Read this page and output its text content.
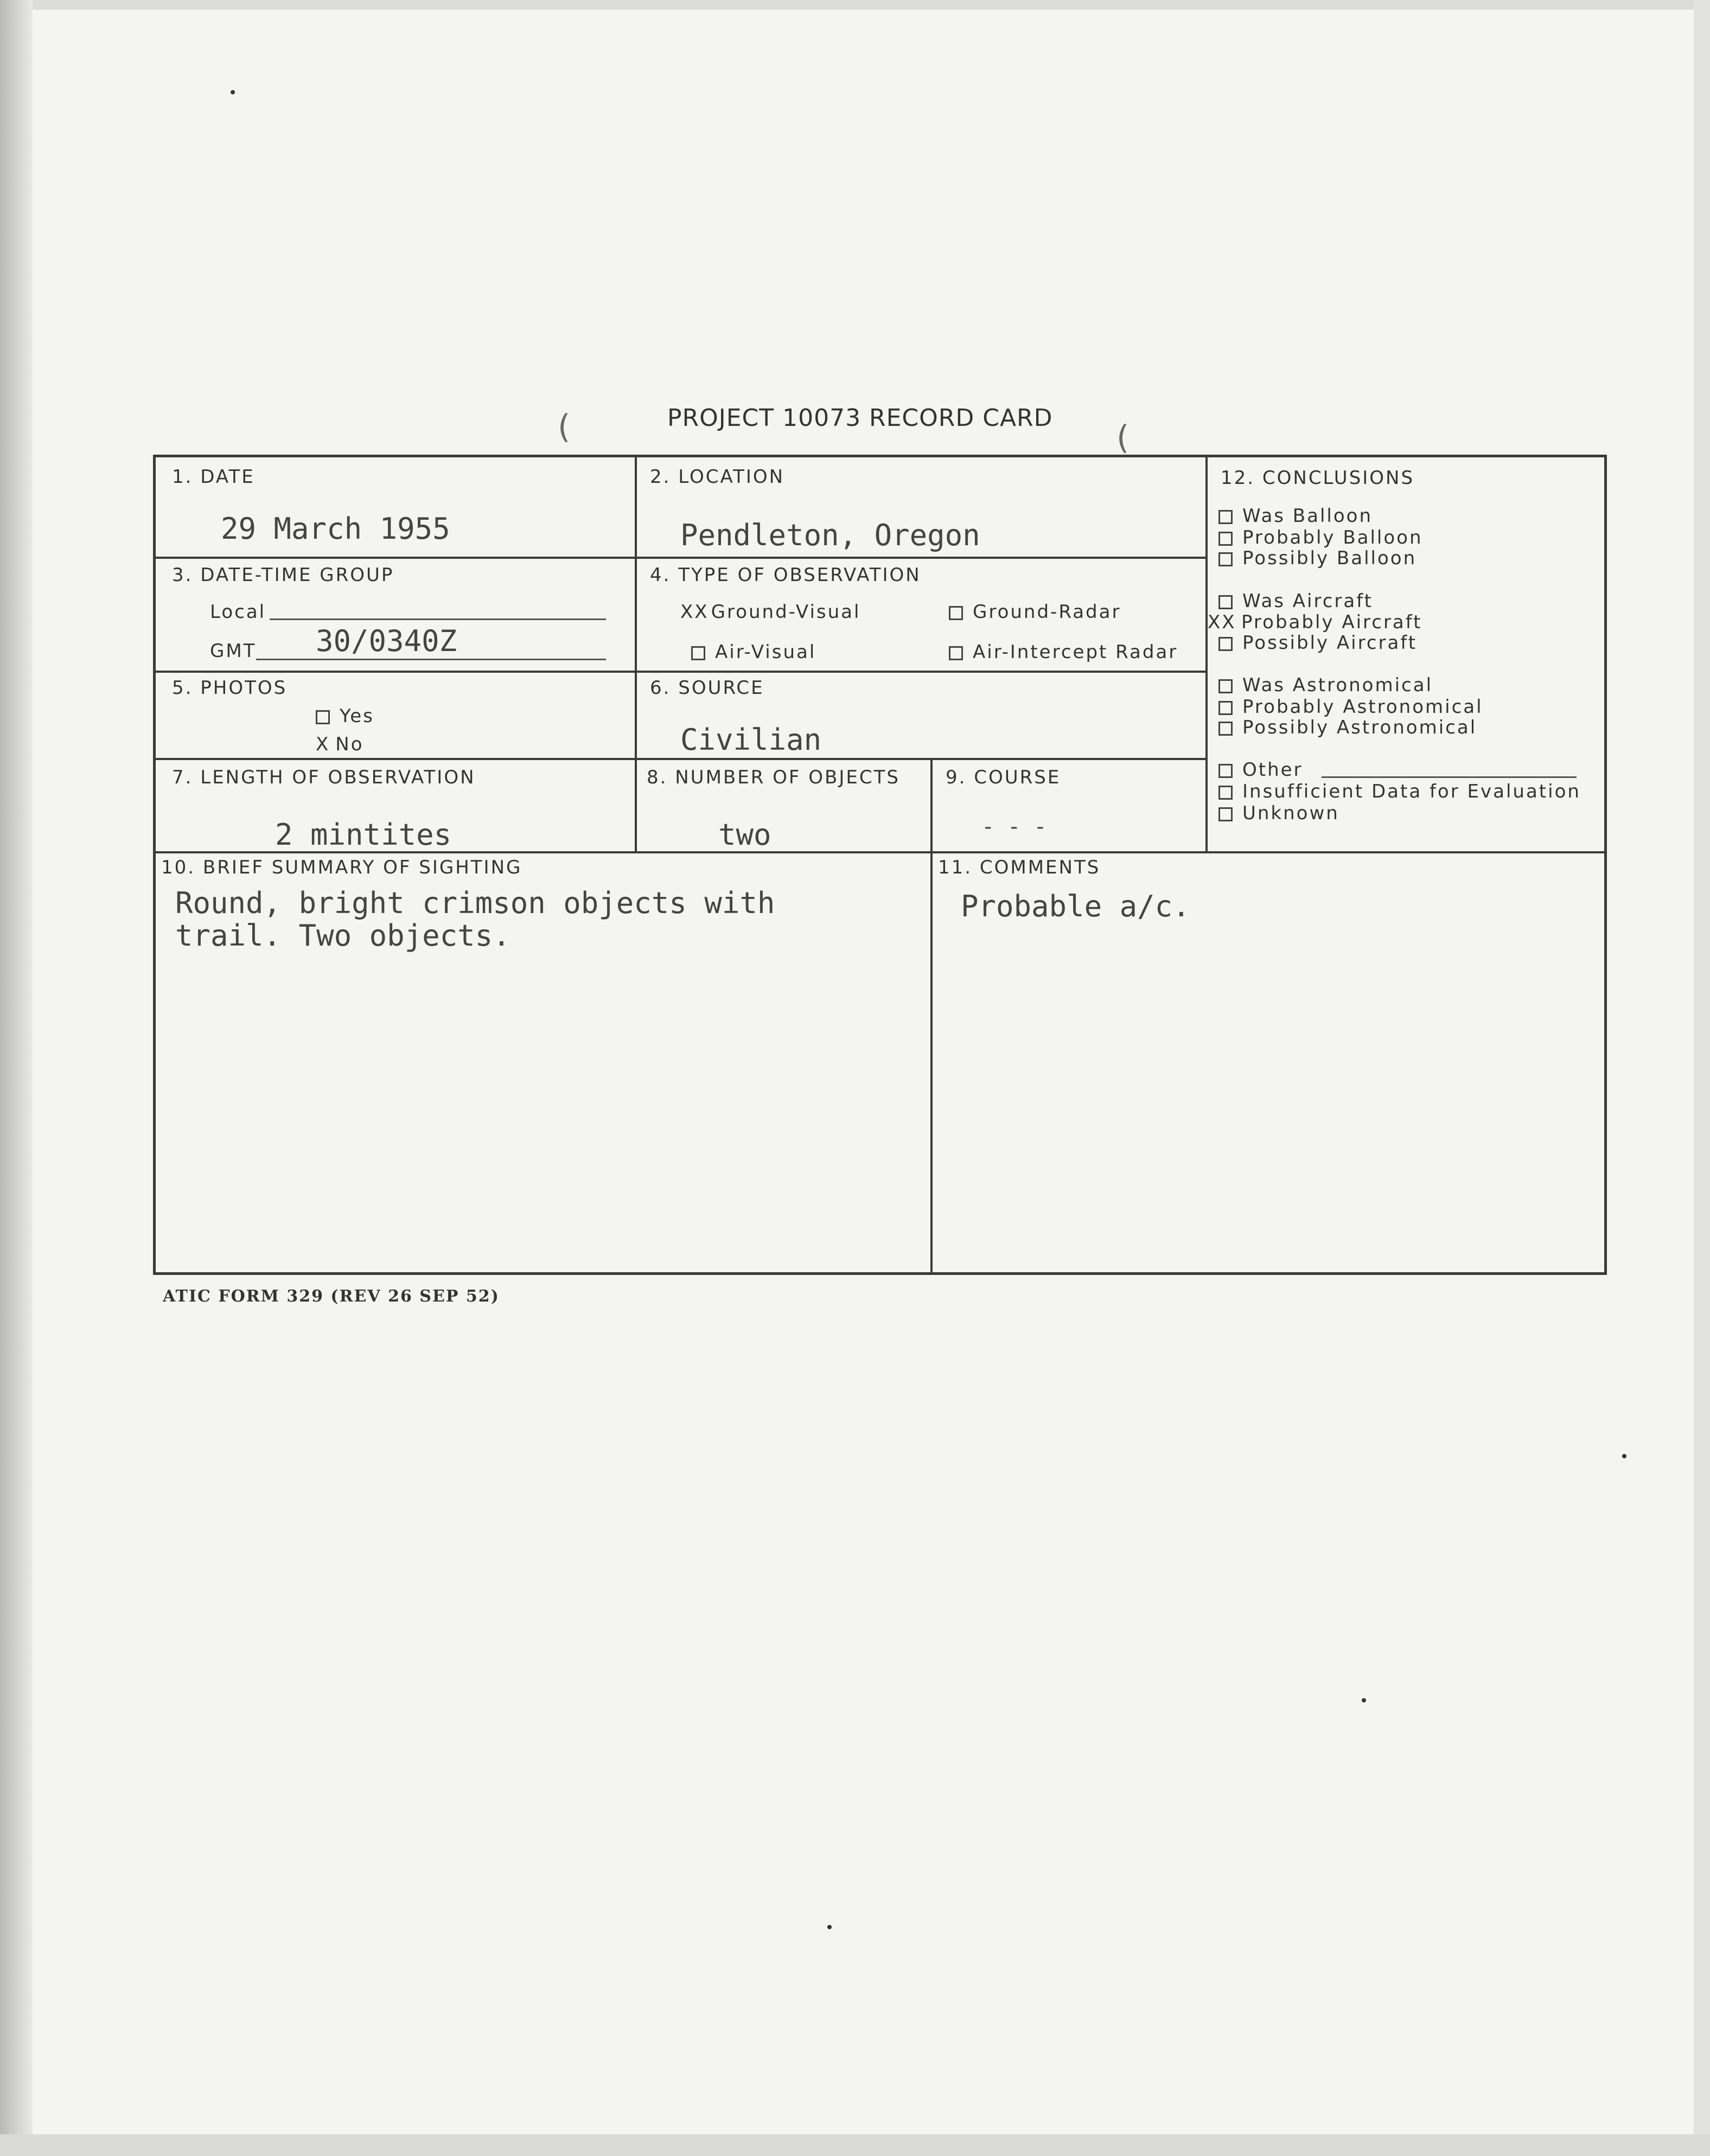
(	(
PROJECT 10073 RECORD CARD
1. DATE
29 March 1955
2. LOCATION
Pendleton, Oregon
3. DATE-TIME GROUP
Local
GMT 30/0340Z
4. TYPE OF OBSERVATION
XX Ground-Visual	Ground-Radar
Air-Visual	Air-Intercept Radar
5. PHOTOS
Yes
X No
6. SOURCE
Civilian
7. LENGTH OF OBSERVATION
2 mintites
8. NUMBER OF OBJECTS
two
9. COURSE
- - -
12. CONCLUSIONS
Was Balloon
Probably Balloon
Possibly Balloon
Was Aircraft
XX Probably Aircraft
Possibly Aircraft
Was Astronomical
Probably Astronomical
Possibly Astronomical
Other
Insufficient Data for Evaluation
Unknown
10. BRIEF SUMMARY OF SIGHTING
Round, bright crimson objects with
trail. Two objects.
11. COMMENTS
Probable a/c.
ATIC FORM 329 (REV 26 SEP 52)
